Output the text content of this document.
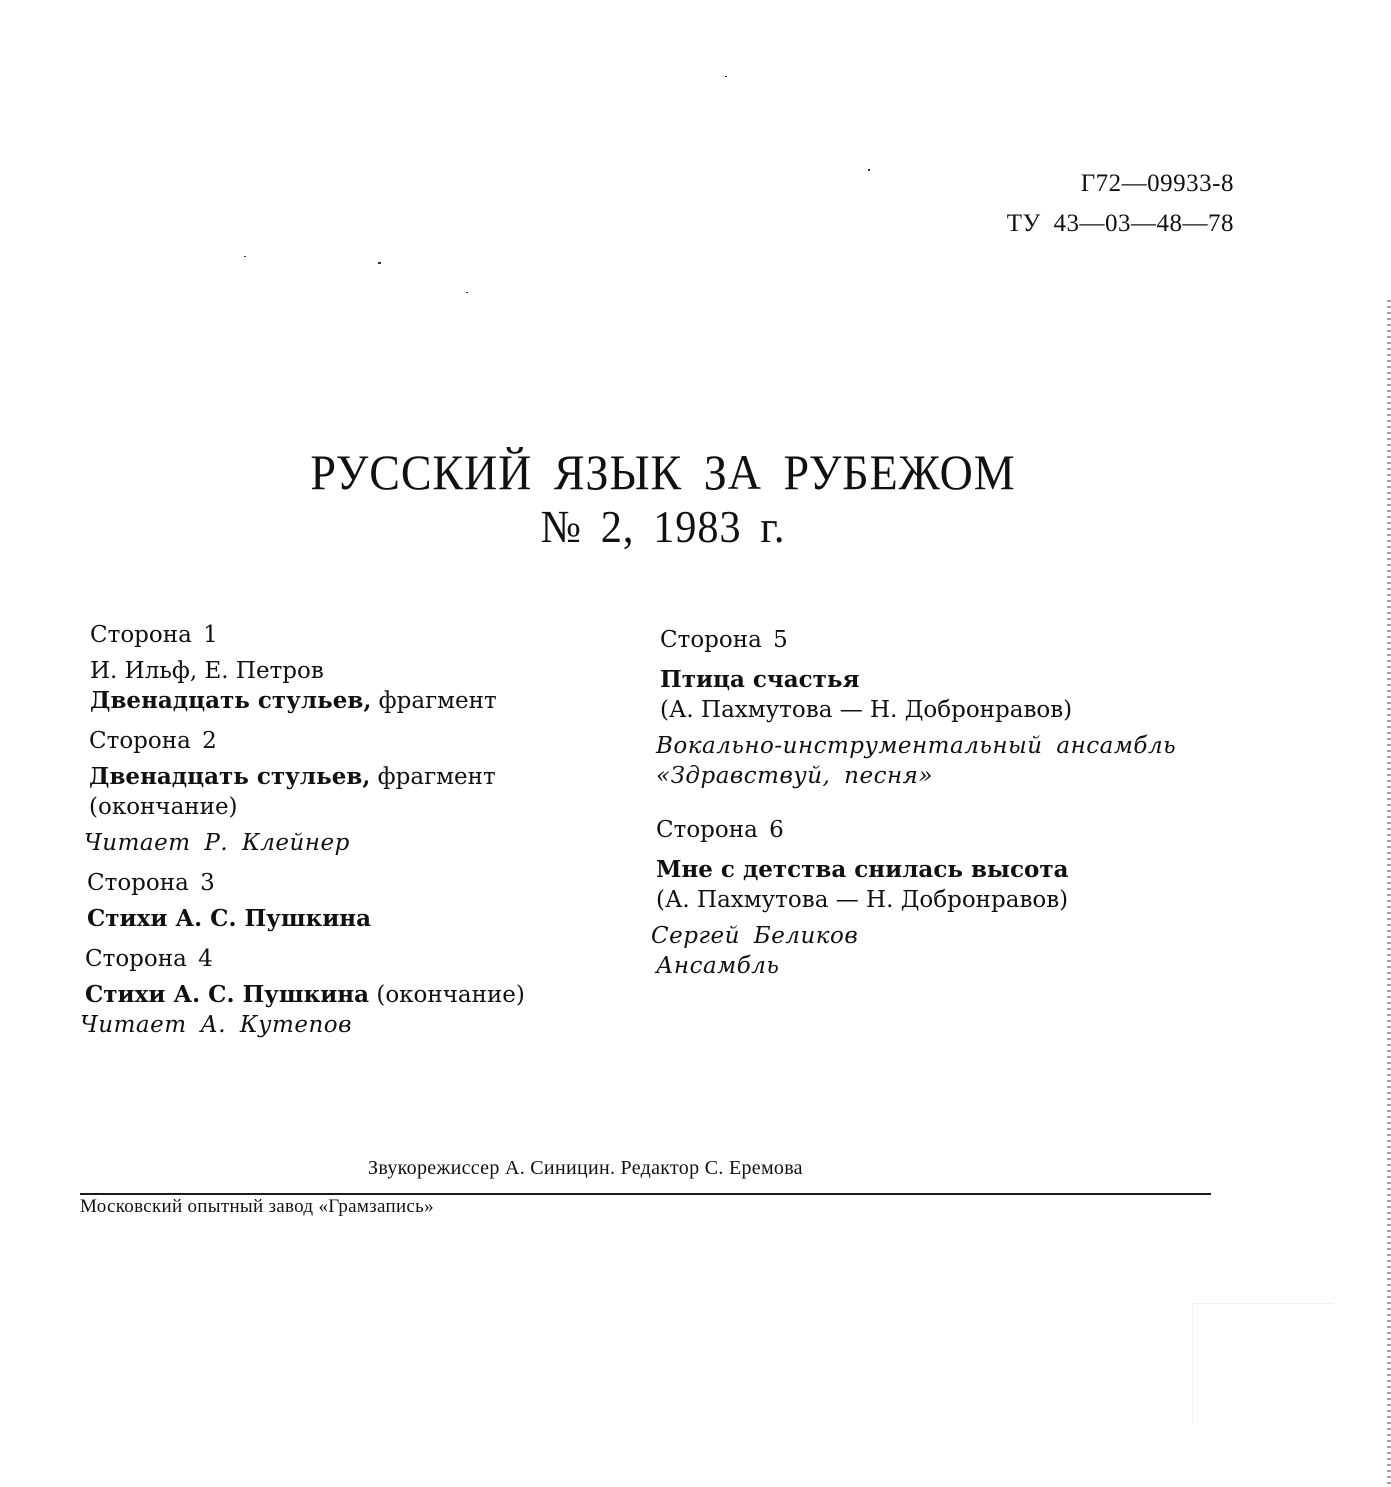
Г72—09933-8
ТУ 43—03—48—78
РУССКИЙ ЯЗЫК ЗА РУБЕЖОМ
№ 2, 1983 г.
Сторона 1
И. Ильф, Е. Петров
Двенадцать стульев, фрагмент
Сторона 2
Двенадцать стульев, фрагмент
(окончание)
Читает Р. Клейнер
Сторона 3
Стихи А. С. Пушкина
Сторона 4
Стихи А. С. Пушкина (окончание)
Читает А. Кутепов
Сторона 5
Птица счастья
(А. Пахмутова — Н. Добронравов)
Вокально-инструментальный ансамбль
«Здравствуй, песня»
Сторона 6
Мне с детства снилась высота
(А. Пахмутова — Н. Добронравов)
Сергей Беликов
Ансамбль
Звукорежиссер А. Синицин. Редактор С. Еремова
Московский опытный завод «Грамзапись»
